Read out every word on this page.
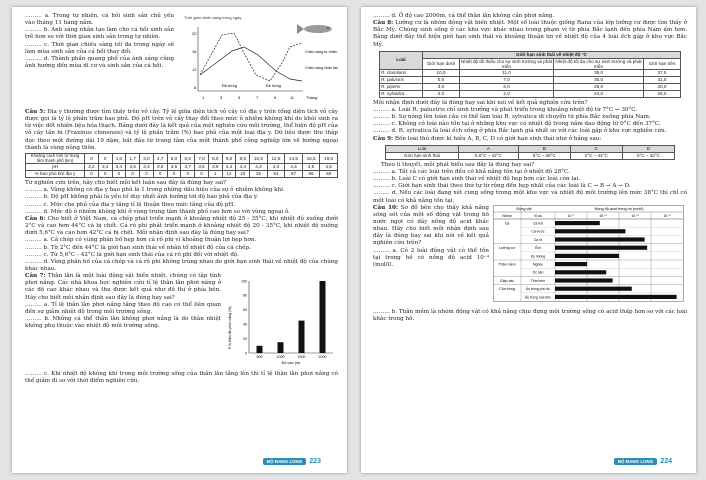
……… a. Trong tự nhiên, cá hồi sinh sản chủ yếu vào tháng 11 hàng năm.
……… b. Ánh sáng nhân tạo làm cho cá hồi sinh sản trễ hơn so với thời gian sinh sản trong tự nhiên.
……… c. Thời gian chiếu sáng tối đa trong ngày sẽ làm mùa sinh sản của cá hồi thay đổi.
……… d. Thành phần quang phổ của ánh sáng cũng ảnh hưởng đến mùa di cư và sinh sản của cá hồi.
Thời gian chiếu sáng trong ngày
20
16
12
8
1	3	5	7	9	11	Tháng
Đẻ trứng	Đẻ trứng
Chiếu sáng tự nhiên
Chiếu sáng nhân tạo
Câu 5: Địa y thường được tìm thấy trên vỏ cây. Tỷ lệ giữa diện tích vỏ cây có địa y trên tổng diện tích vỏ cây được gọi là tỷ lệ phần trăm bao phủ. Độ pH trên vỏ cây thay đổi theo mức ô nhiễm không khí do khói sinh ra từ việc đốt nhiên liệu hóa thạch. Bảng dưới đây là kết quả của một nghiên cứu môi trường, thể hiện độ pH của vỏ cây tần bì (Fraxinus chinensis) và tỷ lệ phần trăm (%) bao phủ của một loại địa y. Dữ liệu được thu thập dọc theo một đường dài 19 dặm, bắt đầu từ trung tâm của một thành phố công nghiệp lớn về hướng ngoại thành là vùng nông thôn.
Khoảng cách tính từ trung tâm thành phố (km)	0	0	1,0	1,7	3,0	4,7	6,0	6,5	7,0	8,0	9,0	9,5	10,5	12,5	14,5	16,5	19,0
pH	3,2	3,4	3,4	3,5	3,4	3,6	3,6	3,7	3,6	3,9	4,4	4,4	4,3	4,3	4,3	4,5	4,5
% bao phủ bởi địa y	0	0	0	0	0	0	0	0	0	1	12	23	25	54	57	66	66
Từ nghiên cứu trên, hãy cho biết mỗi kết luận sau đây là đúng hay sai?
……… a. Vùng không có địa y bao phủ là 1 trong những dấu hiệu của sự ô nhiễm không khí.
……… b. Độ pH không phải là yếu tố duy nhất ảnh hưởng tới độ bao phủ của địa y.
……… c. Mức che phủ của địa y tăng tỉ lệ thuận theo mức tăng của độ pH.
……… d. Mức độ ô nhiễm không khí ở vùng trung tâm thành phố cao hơn so với vùng ngoại ô.
Câu 6: Cho biết ở Việt Nam, cá chép phát triển mạnh ở khoảng nhiệt độ 25 - 35°C, khi nhiệt độ xuống dưới 2°C và cao hơn 44°C cá bị chết. Cá rô phi phát triển mạnh ở khoảng nhiệt độ 20 - 35°C, khi nhiệt độ xuống dưới 5,6°C và cao hơn 42°C cá bị chết. Mỗi nhận định sau đây là đúng hay sai?
……… a. Cá chép có vùng phân bố hẹp hơn cá rô phi vì khoảng thuận lợi hẹp hơn.
……… b. Từ 2°C đến 44°C là giới hạn sinh thái về nhân tố nhiệt độ của cá chép.
……… c. Từ 5,6°C - 42°C là giới hạn sinh thái của cá rô phi đối với nhiệt độ.
……… d. Vùng phân bố của cá chép và cá rô phi không trùng nhau do giới hạn sinh thái về nhiệt độ của chúng khác nhau.
Câu 7: Thằn lằn là một loài động vật biến nhiệt, chúng có tập tính phơi nắng. Các nhà khoa học nghiên cứu tỉ lệ thằn lằn phơi nắng ở các độ cao khác nhau và thu được kết quả như đồ thị ở phía bên. Hãy cho biết mỗi nhận định sau đây là đúng hay sai?
……… a. Tỉ lệ thằn lằn phơi nắng tăng theo độ cao có thể liên quan đến sự giảm nhiệt độ trong môi trường sống.
……… b. Những cá thể thằn lằn không phơi nắng là do thân nhiệt không phụ thuộc vào nhiệt độ môi trường sống.	Tỉ lệ thằn lằn phơi nắng (%)
Độ cao (m)
100
80
60
40
20
0
500	1000	1500	2000
……… c. Khi nhiệt độ không khí trong môi trường sống của thằn lằn tăng lên thì tỉ lệ thằn lằn phơi nắng có thể giảm đi so với thời điểm nghiên cứu.
ĐỘ ĐANG LONG	223
……… d. Ở độ cao 2000m, cá thể thằn lằn không cần phơi nắng.
Câu 8: Lưỡng cư là nhóm động vật biến nhiệt. Một số loài thuộc giống Rana của lớp lưỡng cư được tìm thấy ở Bắc Mỹ. Chúng sinh sống ở các khu vực khác nhau trong phạm vi từ phía Bắc lạnh đến phía Nam ấm hơn. Bảng dưới đây thể hiện giới hạn sinh thái và khoảng thuận lợi về nhiệt độ của 4 loài ếch gặp ở khu vực Bắc Mỹ.
Loài	Giới hạn sinh thái về nhiệt độ °C			
	Giới hạn dưới	Nhiệt độ tối thiểu cho sự sinh trưởng và phát triển	Nhiệt độ tối đa cho sự sinh trưởng và phát triển	Giới hạn trên
R. clamitans	10,0	11,0	35,0	37,5
R. palustris	5,0	7,0	30,0	31,0
R. pipens	3,0	6,0	28,0	30,0
R. sylvatica	0,0	2,0	24,0	25,0
Mỗi nhận định dưới đây là đúng hay sai khi nói về kết quả nghiên cứu trên?
……… a. Loài R. palustris chỉ sinh trưởng và phát triển trong khoảng nhiệt độ từ 7°C → 30°C.
……… b. Sự nóng lên toàn cầu có thể làm loài R. sylvatica di chuyển từ phía Bắc xuống phía Nam.
……… c. Không có loài nào tồn tại ở những khu vực có nhiệt độ trong năm dao động từ 0°C đến 37°C.
……… d. R. sylvatica là loài ếch sống ở phía Bắc lạnh giá nhất so với các loài gặp ở khu vực nghiên cứu.
Câu 9: Bốn loài thú được kí hiệu A, B, C, D có giới hạn sinh thái như ở bảng sau:
Loài	A	B	C	D
Giới hạn sinh thái	5,6°C – 42°C	5°C – 36°C	2°C – 44°C	0°C – 32°C
Theo lí thuyết, mỗi phát biểu sau đây là đúng hay sai?
……… a. Tất cả các loài trên đều có khả năng tồn tại ở nhiệt độ 28°C.
……… b. Loài C có giới hạn sinh thái về nhiệt độ hẹp hơn các loài còn lại.
……… c. Giới hạn sinh thái theo thứ tự từ rộng đến hẹp nhất của các loài là C → B → A → D.
……… d. Nếu các loài đang xét cùng sống trong một khu vực và nhiệt độ môi trường lên mức 38°C thì chỉ có một loài có khả năng tồn tại.
Câu 10: Sơ đồ bên cho thấy khả năng sống sót của một số động vật trong hồ nước ngọt có dãy nồng độ acid khác nhau. Hãy cho biết mỗi nhận định sau đây là đúng hay sai khi nói về kết quả nghiên cứu trên?
……… a. Có 2 loài động vật có thể tồn tại trong hồ có nồng độ acid 10⁻⁴ (mol/l).
Động vật	Nồng độ acid trong hồ (mol/l)
Nhóm	Vi du	10⁻⁷	10⁻⁶	10⁻⁵	10⁻⁴
Cá	Cá hồi
Cá vược
Cá rô
Lưỡng cư	Ếch
Kỳ nhông
Thân mềm	Nghêu
Ốc sên
Giáp xác	Tôm hùm
Côn trùng	Ấu trùng phù du
Ấu trùng ruồi đen
……… b. Thân mềm là nhóm động vật có khả năng chịu đựng môi trường sống có acid thấp hơn so với các loài khác trong hồ.
ĐỘ ĐANG LONG	224
